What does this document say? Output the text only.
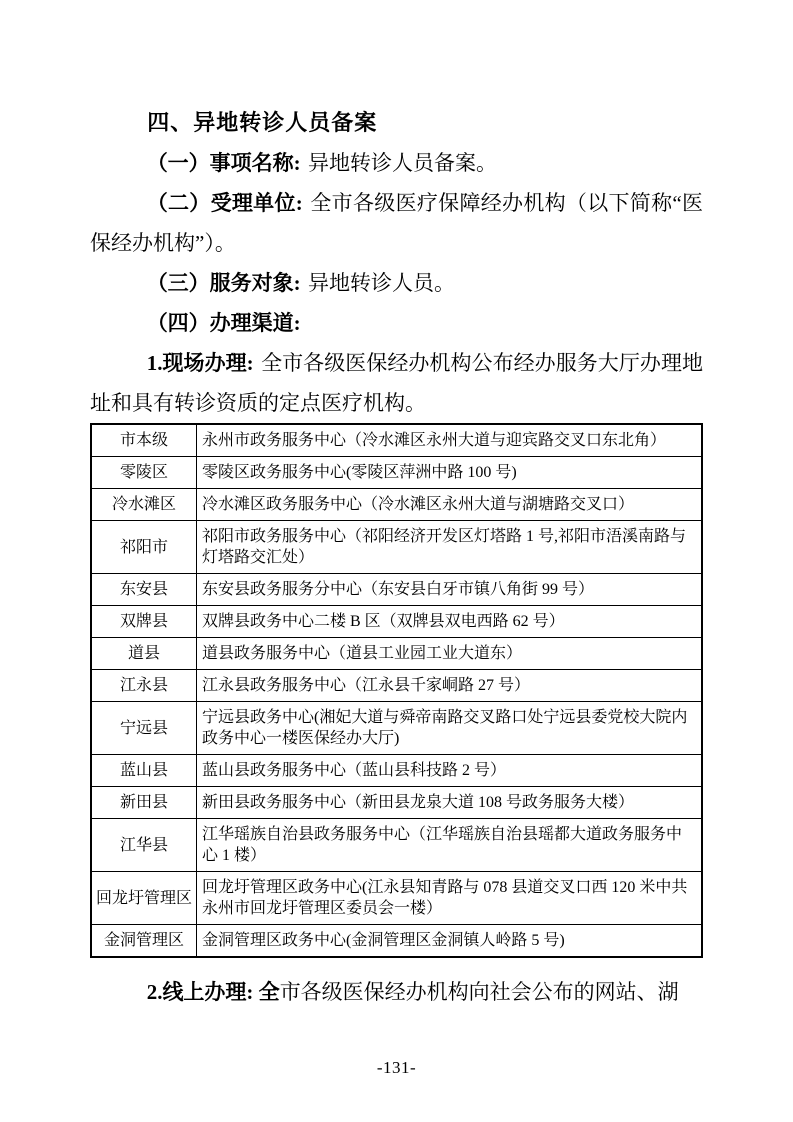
四、异地转诊人员备案

（一）事项名称: 异地转诊人员备案。

（二）受理单位: 全市各级医疗保障经办机构（以下简称“医保经办机构”）。

（三）服务对象: 异地转诊人员。

（四）办理渠道:

1.现场办理: 全市各级医保经办机构公布经办服务大厅办理地址和具有转诊资质的定点医疗机构。

市本级	永州市政务服务中心（冷水滩区永州大道与迎宾路交叉口东北角）
零陵区	零陵区政务服务中心(零陵区萍洲中路 100 号)
冷水滩区	冷水滩区政务服务中心（冷水滩区永州大道与湖塘路交叉口）
祁阳市	祁阳市政务服务中心（祁阳经济开发区灯塔路 1 号,祁阳市浯溪南路与灯塔路交汇处）
东安县	东安县政务服务分中心（东安县白牙市镇八角街 99 号）
双牌县	双牌县政务中心二楼 B 区（双牌县双电西路 62 号）
道县	道县政务服务中心（道县工业园工业大道东）
江永县	江永县政务服务中心（江永县千家峒路 27 号）
宁远县	宁远县政务中心(湘妃大道与舜帝南路交叉路口处宁远县委党校大院内政务中心一楼医保经办大厅)
蓝山县	蓝山县政务服务中心（蓝山县科技路 2 号）
新田县	新田县政务服务中心（新田县龙泉大道 108 号政务服务大楼）
江华县	江华瑶族自治县政务服务中心（江华瑶族自治县瑶都大道政务服务中心 1 楼）
回龙圩管理区	回龙圩管理区政务中心(江永县知青路与 078 县道交叉口西 120 米中共永州市回龙圩管理区委员会一楼）
金洞管理区	金洞管理区政务中心(金洞管理区金洞镇人岭路 5 号)

2.线上办理: 全市各级医保经办机构向社会公布的网站、湖

-131-
